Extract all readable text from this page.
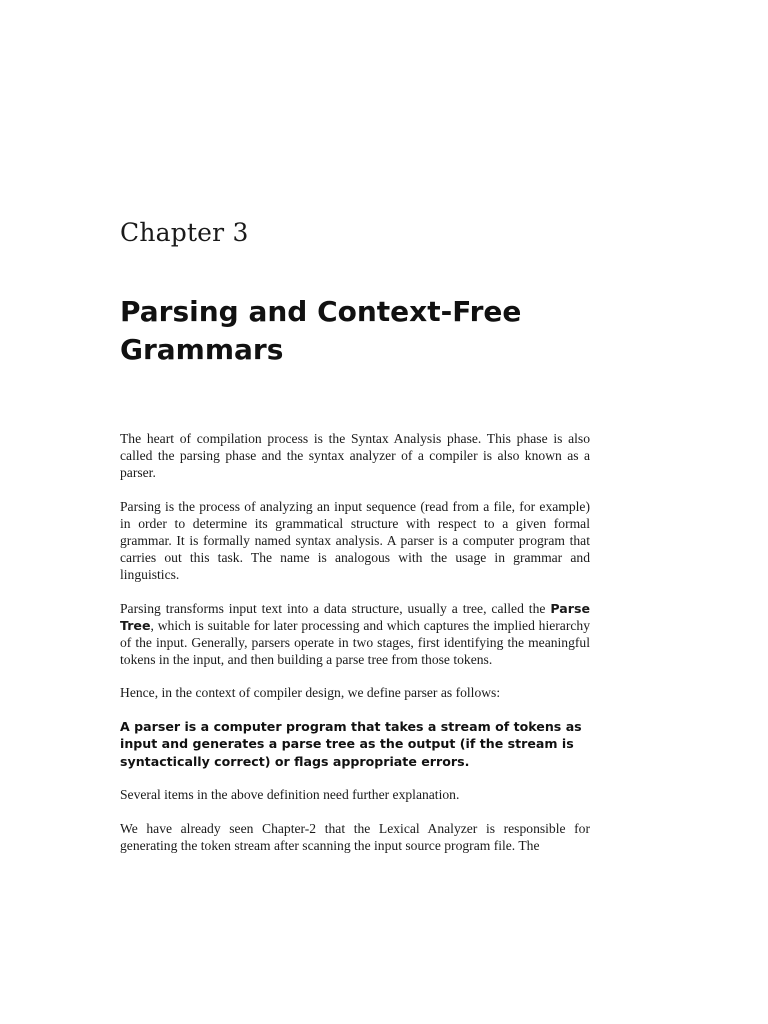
Chapter 3
Parsing and Context-Free Grammars

The heart of compilation process is the Syntax Analysis phase. This phase is also called the parsing phase and the syntax analyzer of a compiler is also known as a parser.

Parsing is the process of analyzing an input sequence (read from a file, for example) in order to determine its grammatical structure with respect to a given formal grammar. It is formally named syntax analysis. A parser is a computer program that carries out this task. The name is analogous with the usage in grammar and linguistics.

Parsing transforms input text into a data structure, usually a tree, called the Parse Tree, which is suitable for later processing and which captures the implied hierarchy of the input. Generally, parsers operate in two stages, first identifying the meaningful tokens in the input, and then building a parse tree from those tokens.

Hence, in the context of compiler design, we define parser as follows:

A parser is a computer program that takes a stream of tokens as input and generates a parse tree as the output (if the stream is syntactically correct) or flags appropriate errors.

Several items in the above definition need further explanation.

We have already seen Chapter-2 that the Lexical Analyzer is responsible for generating the token stream after scanning the input source program file. The
